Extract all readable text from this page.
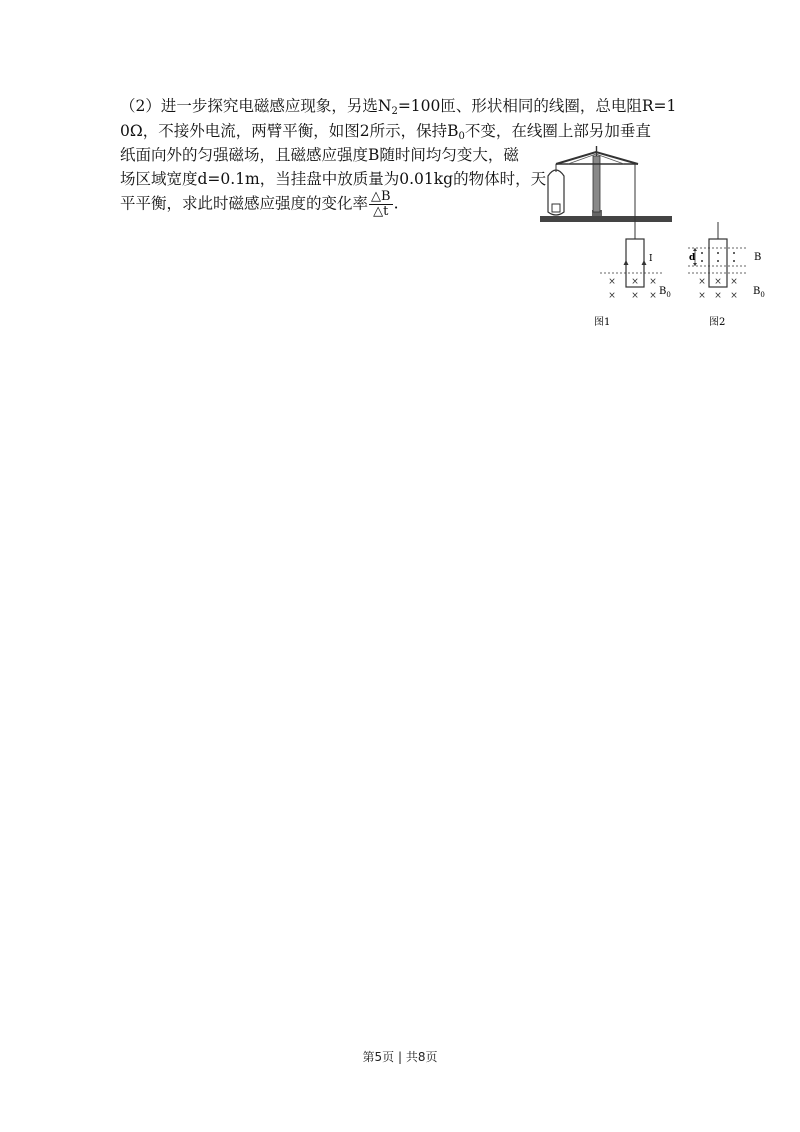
（2）进一步探究电磁感应现象，另选$N_2=100$匝、形状相同的线圈，总电阻R=1
0Ω，不接外电流，两臂平衡，如图2所示，保持$B_0$不变，在线圈上部另加垂直
纸面向外的匀强磁场，且磁感应强度B随时间均匀变大，磁
场区域宽度d=0.1m，当挂盘中放质量为0.01kg的物体时，天
平平衡，求此时磁感应强度的变化率 $\frac{\triangle B}{\triangle t}$ .
I
× × ×
× × × $B_0$
图1
d	B
× × ×
× × × $B_0$
图2
第5页 | 共8页
